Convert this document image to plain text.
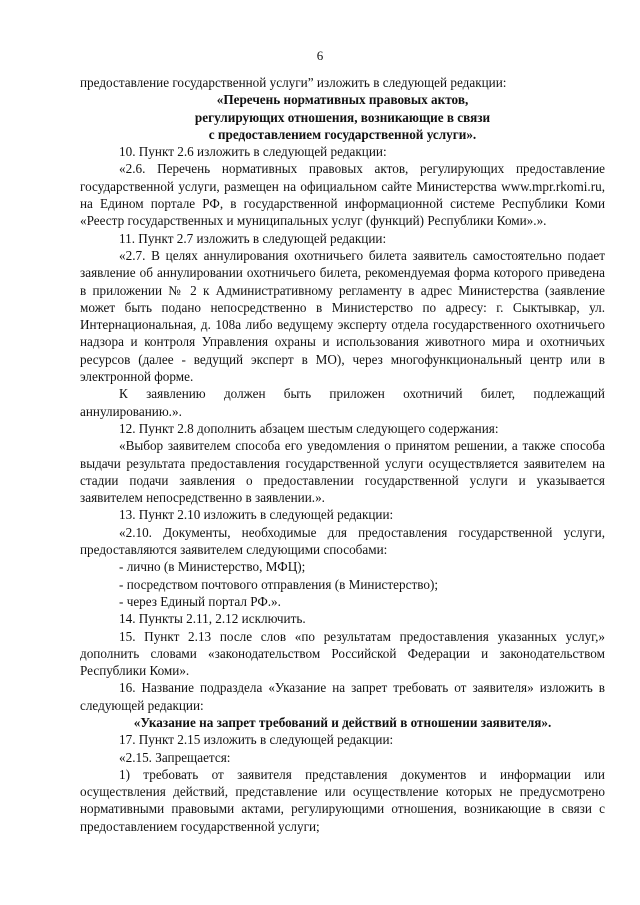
6

предоставление государственной услуги” изложить в следующей редакции:

«Перечень нормативных правовых актов,

регулирующих отношения, возникающие в связи

с предоставлением государственной услуги».

10. Пункт 2.6 изложить в следующей редакции:

«2.6. Перечень нормативных правовых актов, регулирующих предоставление государственной услуги, размещен на официальном сайте Министерства www.mpr.rkomi.ru, на Едином портале РФ, в государственной информационной системе Республики Коми «Реестр государственных и муниципальных услуг (функций) Республики Коми».».

11. Пункт 2.7 изложить в следующей редакции:

«2.7. В целях аннулирования охотничьего билета заявитель самостоятельно подает заявление об аннулировании охотничьего билета, рекомендуемая форма которого приведена в приложении № 2 к Административному регламенту в адрес Министерства (заявление может быть подано непосредственно в Министерство по адресу: г. Сыктывкар, ул. Интернациональная, д. 108а либо ведущему эксперту отдела государственного охотничьего надзора и контроля Управления охраны и использования животного мира и охотничьих ресурсов (далее - ведущий эксперт в МО), через многофункциональный центр или в электронной форме.

К заявлению должен быть приложен охотничий билет, подлежащий аннулированию.».

12. Пункт 2.8 дополнить абзацем шестым следующего содержания:

«Выбор заявителем способа его уведомления о принятом решении, а также способа выдачи результата предоставления государственной услуги осуществляется заявителем на стадии подачи заявления о предоставлении государственной услуги и указывается заявителем непосредственно в заявлении.».

13. Пункт 2.10 изложить в следующей редакции:

«2.10. Документы, необходимые для предоставления государственной услуги, предоставляются заявителем следующими способами:

- лично (в Министерство, МФЦ);

- посредством почтового отправления (в Министерство);

- через Единый портал РФ.».

14. Пункты 2.11, 2.12 исключить.

15. Пункт 2.13 после слов «по результатам предоставления указанных услуг,» дополнить словами «законодательством Российской Федерации и законодательством Республики Коми».

16. Название подраздела «Указание на запрет требовать от заявителя» изложить в следующей редакции:

«Указание на запрет требований и действий в отношении заявителя».

17. Пункт 2.15 изложить в следующей редакции:

«2.15. Запрещается:

1) требовать от заявителя представления документов и информации или осуществления действий, представление или осуществление которых не предусмотрено нормативными правовыми актами, регулирующими отношения, возникающие в связи с предоставлением государственной услуги;
